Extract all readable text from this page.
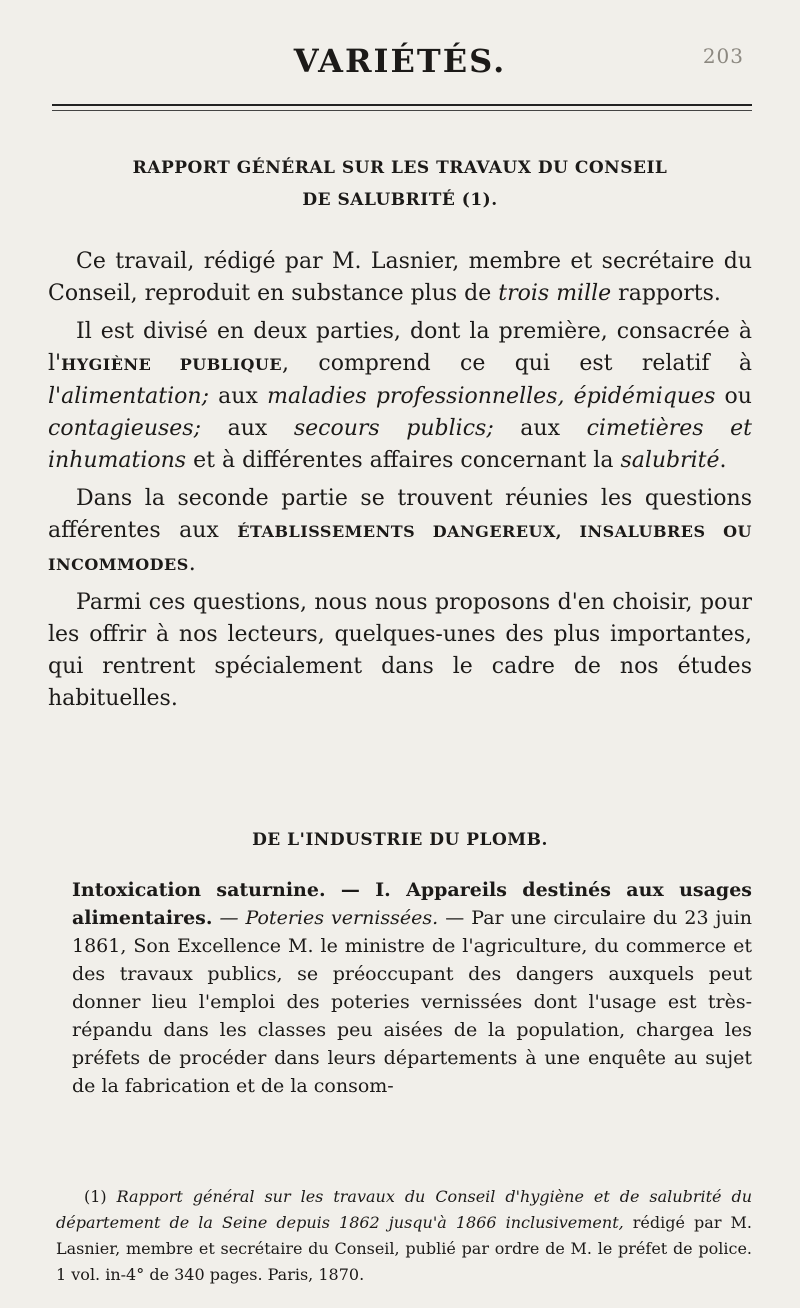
203
VARIÉTÉS.
RAPPORT GÉNÉRAL SUR LES TRAVAUX DU CONSEIL
DE SALUBRITÉ (1).

Ce travail, rédigé par M. Lasnier, membre et secrétaire du Conseil, reproduit en substance plus de trois mille rapports.

Il est divisé en deux parties, dont la première, consacrée à l'HYGIÈNE PUBLIQUE, comprend ce qui est relatif à l'alimentation; aux maladies professionnelles, épidémiques ou contagieuses; aux secours publics; aux cimetières et inhumations et à différentes affaires concernant la salubrité.

Dans la seconde partie se trouvent réunies les questions afférentes aux ÉTABLISSEMENTS DANGEREUX, INSALUBRES OU INCOMMODES.

Parmi ces questions, nous nous proposons d'en choisir, pour les offrir à nos lecteurs, quelques-unes des plus importantes, qui rentrent spécialement dans le cadre de nos études habituelles.

DE L'INDUSTRIE DU PLOMB.

Intoxication saturnine. — I. Appareils destinés aux usages alimentaires. — Poteries vernissées. — Par une circulaire du 23 juin 1861, Son Excellence M. le ministre de l'agriculture, du commerce et des travaux publics, se préoccupant des dangers auxquels peut donner lieu l'emploi des poteries vernissées dont l'usage est très-répandu dans les classes peu aisées de la population, chargea les préfets de procéder dans leurs départements à une enquête au sujet de la fabrication et de la consom-

(1) Rapport général sur les travaux du Conseil d'hygiène et de salubrité du département de la Seine depuis 1862 jusqu'à 1866 inclusivement, rédigé par M. Lasnier, membre et secrétaire du Conseil, publié par ordre de M. le préfet de police. 1 vol. in-4° de 340 pages. Paris, 1870.
